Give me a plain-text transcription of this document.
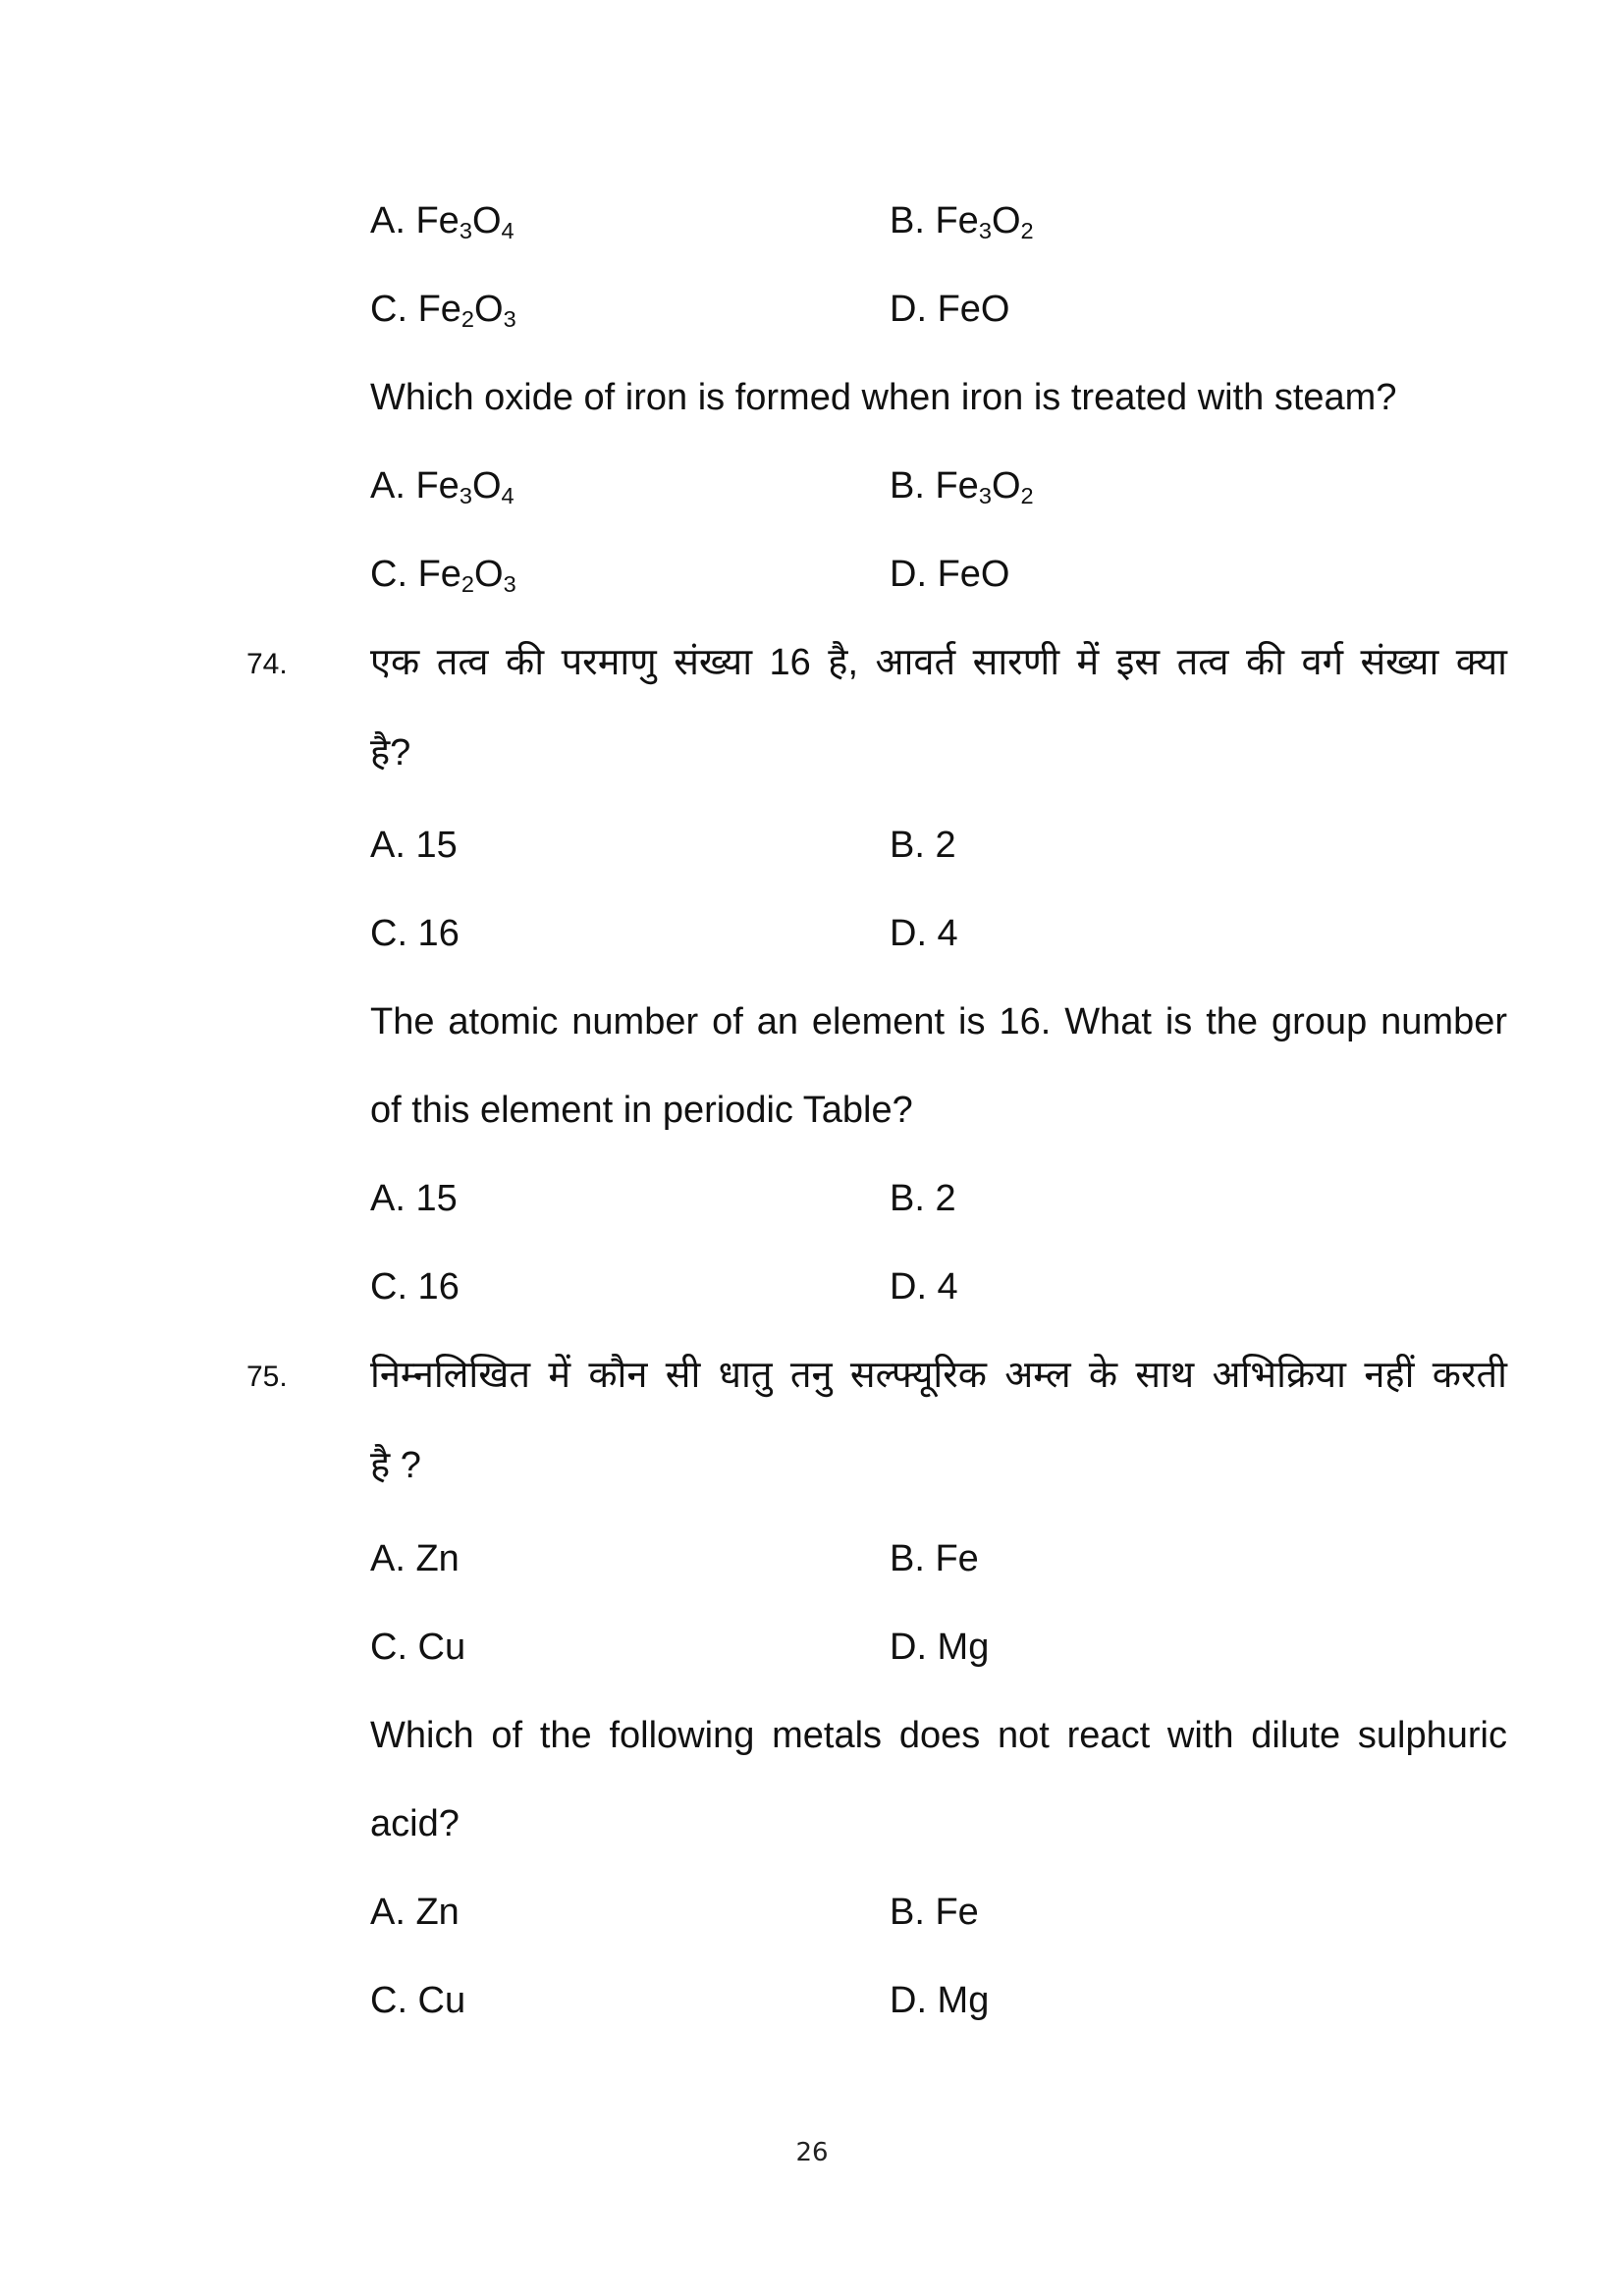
A. $Fe_3O_4$	B. $Fe_3O_2$
C. $Fe_2O_3$	D. FeO
Which oxide of iron is formed when iron is treated with steam?
A. $Fe_3O_4$	B. $Fe_3O_2$
C. $Fe_2O_3$	D. FeO
74. एक तत्व की परमाणु संख्या 16 है, आवर्त सारणी में इस तत्व की वर्ग संख्या क्या
है?
A. 15	B. 2
C. 16	D. 4
The atomic number of an element is 16. What is the group number
of this element in periodic Table?
A. 15	B. 2
C. 16	D. 4
75. निम्नलिखित में कौन सी धातु तनु सल्फ्यूरिक अम्ल के साथ अभिक्रिया नहीं करती
है ?
A. Zn	B. Fe
C. Cu	D. Mg
Which of the following metals does not react with dilute sulphuric
acid?
A. Zn	B. Fe
C. Cu	D. Mg
26
